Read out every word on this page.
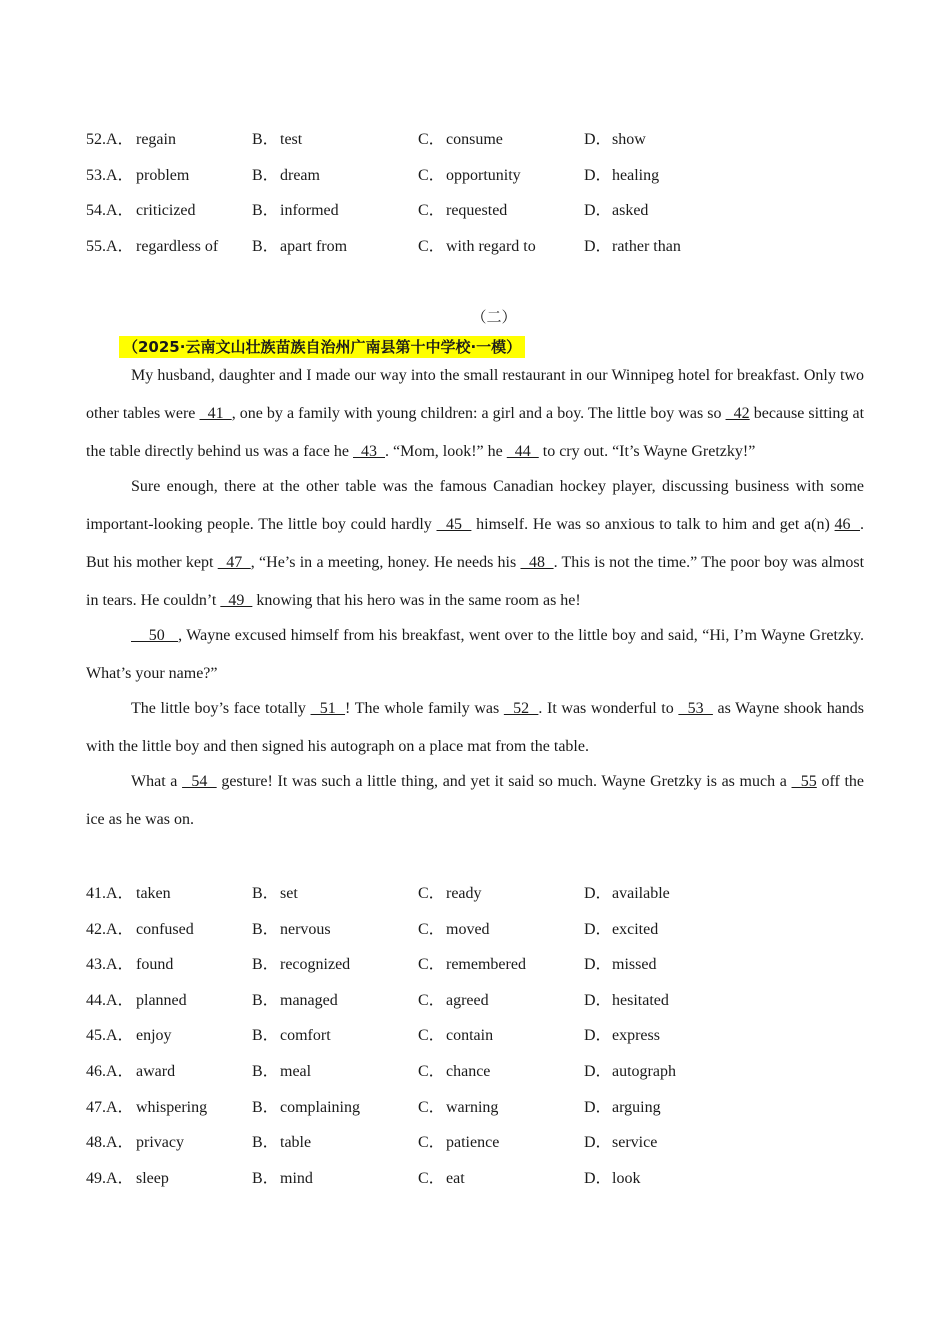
52.A． regain	B． test	C． consume	D． show
53.A． problem	B． dream	C． opportunity	D． healing
54.A． criticized	B． informed	C． requested	D． asked
55.A． regardless of B． apart from	C． with regard to	D． rather than
（二）
（2025·云南文山壮族苗族自治州广南县第十中学校·一模）

My husband, daughter and I made our way into the small restaurant in our Winnipeg hotel for breakfast. Only two other tables were   41  , one by a family with young children: a girl and a boy. The little boy was so   42 because sitting at the table directly behind us was a face he   43  . “Mom, look!” he   44   to cry out. “It’s Wayne Gretzky!”

Sure enough, there at the other table was the famous Canadian hockey player, discussing business with some important-looking people. The little boy could hardly   45   himself. He was so anxious to talk to him and get a(n) 46  . But his mother kept   47  , “He’s in a meeting, honey. He needs his   48  . This is not the time.” The poor boy was almost in tears. He couldn’t   49   knowing that his hero was in the same room as he!

50   , Wayne excused himself from his breakfast, went over to the little boy and said, “Hi, I’m Wayne Gretzky. What’s your name?”

The little boy’s face totally   51  ! The whole family was   52  . It was wonderful to   53   as Wayne shook hands with the little boy and then signed his autograph on a place mat from the table.

What a   54   gesture! It was such a little thing, and yet it said so much. Wayne Gretzky is as much a   55 off the ice as he was on.

41.A． taken	B． set	C． ready	D． available
42.A． confused	B． nervous	C． moved	D． excited
43.A． found	B． recognized	C． remembered	D． missed
44.A． planned	B． managed	C． agreed	D． hesitated
45.A． enjoy	B． comfort	C． contain	D． express
46.A． award	B． meal	C． chance	D． autograph
47.A． whispering	B． complaining	C． warning	D． arguing
48.A． privacy	B． table	C． patience	D． service
49.A． sleep	B． mind	C． eat	D． look
